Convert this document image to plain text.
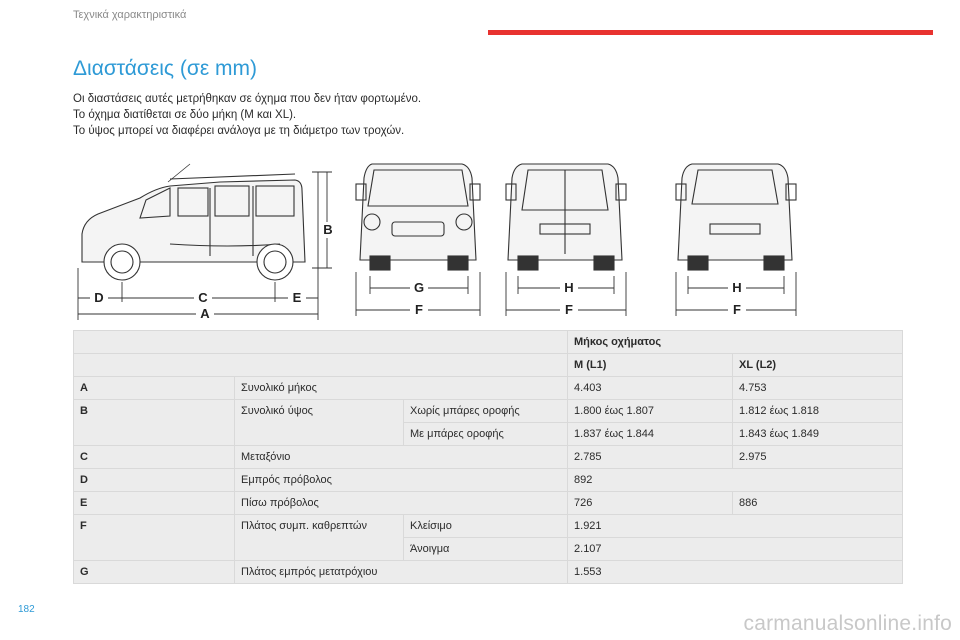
Τεχνικά χαρακτηριστικά
Διαστάσεις (σε mm)
Οι διαστάσεις αυτές μετρήθηκαν σε όχημα που δεν ήταν φορτωμένο.
Το όχημα διατίθεται σε δύο μήκη (M και XL).
Το ύψος μπορεί να διαφέρει ανάλογα με τη διάμετρο των τροχών.
C
D	E
A
B
G
F
H
F
H
F
			Μήκος οχήματος	
			M (L1)	XL (L2)
A	Συνολικό μήκος		4.403	4.753
B	Συνολικό ύψος	Χωρίς μπάρες οροφής	1.800 έως 1.807	1.812 έως 1.818
		Με μπάρες οροφής	1.837 έως 1.844	1.843 έως 1.849
C	Μεταξόνιο		2.785	2.975
D	Εμπρός πρόβολος		892	
E	Πίσω πρόβολος		726	886
F	Πλάτος συμπ. καθρεπτών	Κλείσιμο	1.921	
		Άνοιγμα	2.107	
G	Πλάτος εμπρός μετατρόχιου		1.553	
182
carmanualsonline.info
